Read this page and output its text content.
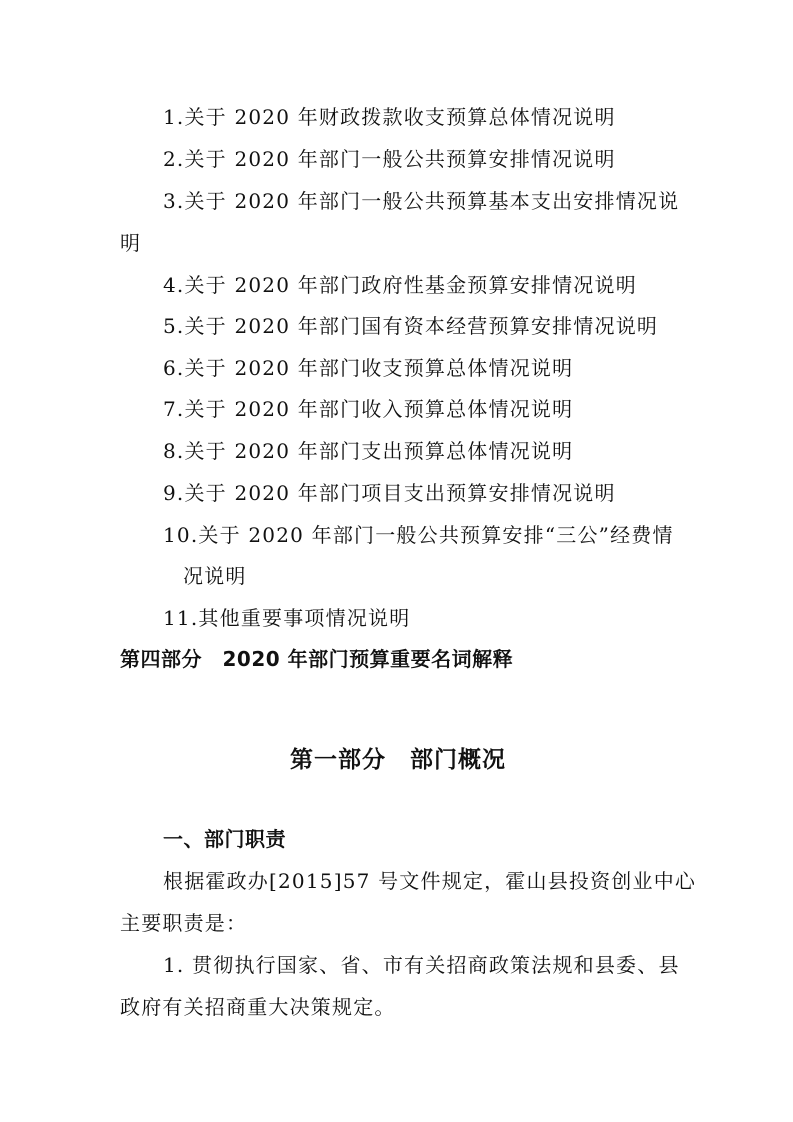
1.关于 2020 年财政拨款收支预算总体情况说明
2.关于 2020 年部门一般公共预算安排情况说明
3.关于 2020 年部门一般公共预算基本支出安排情况说
明
4.关于 2020 年部门政府性基金预算安排情况说明
5.关于 2020 年部门国有资本经营预算安排情况说明
6.关于 2020 年部门收支预算总体情况说明
7.关于 2020 年部门收入预算总体情况说明
8.关于 2020 年部门支出预算总体情况说明
9.关于 2020 年部门项目支出预算安排情况说明
10.关于 2020 年部门一般公共预算安排“三公”经费情
况说明
11.其他重要事项情况说明
第四部分　2020 年部门预算重要名词解释
第一部分　部门概况
一、部门职责
根据霍政办[2015]57 号文件规定，霍山县投资创业中心
主要职责是：
1. 贯彻执行国家、省、市有关招商政策法规和县委、县
政府有关招商重大决策规定。
